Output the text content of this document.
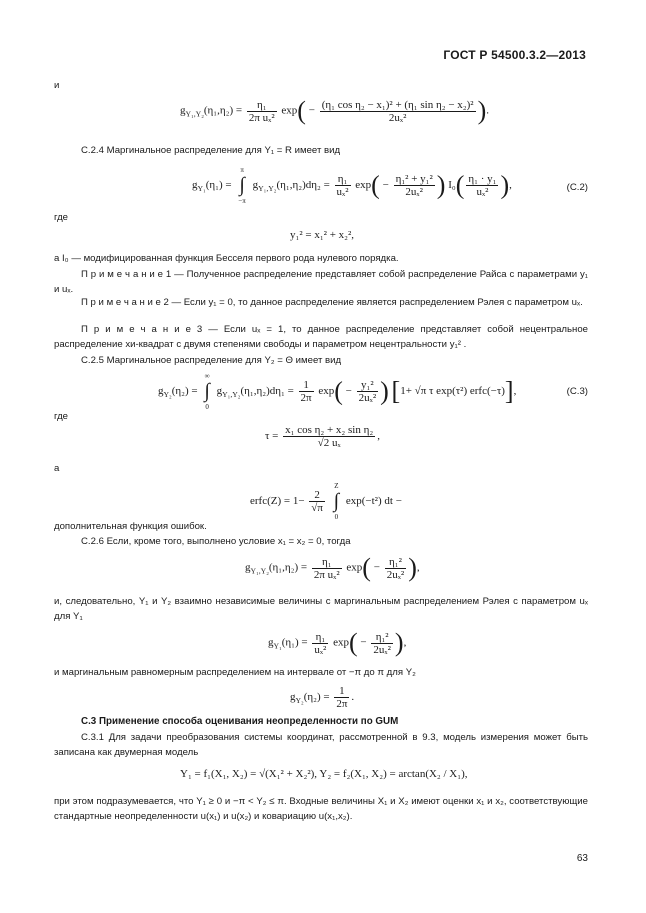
ГОСТ Р 54500.3.2—2013
и
$g_{Y_1,Y_2}(\eta_1,\eta_2) = \frac{\text{η₁}}{\text{2π uₓ²}} \exp( - \frac{\text{(η₁ cos η₂ − x₁)² + (η₁ sin η₂ − x₂)²}}{\text{2uₓ²}}$ ).
С.2.4 Маргинальное распределение для Y₁ = R имеет вид
$g_{Y_1}(\eta_1)$ =
π
∫
−π
$g_{Y_1,Y_2}(\eta_1,\eta_2)d\eta_2 = \frac{\text{η₁}}{\text{uₓ²}} \exp( - \frac{\text{η₁² + y₁²}}{\text{2uₓ²}}$ ) $I_0( \frac{\text{η₁ · y₁}}{\text{uₓ²}}$ ),	(С.2)
где
y₁² = x₁² + x₂²,
а I₀ — модифицированная функция Бесселя первого рода нулевого порядка.
П р и м е ч а н и е 1 — Полученное распределение представляет собой распределение Райса с параметрами y₁ и uₓ.
П р и м е ч а н и е 2 — Если y₁ = 0, то данное распределение является распределением Рэлея с параметром uₓ.
П р и м е ч а н и е 3 — Если uₓ = 1, то данное распределение представляет собой нецентральное распределение хи-квадрат с двумя степенями свободы и параметром нецентральности y₁² .
С.2.5 Маргинальное распределение для Y₂ = Θ имеет вид
$g_{Y_2}(\eta_2)$ =
∞
∫
0
$g_{Y_1,Y_2}(\eta_1,\eta_2)d\eta_1 = \frac{1}{2\pi} \exp( - \frac{\text{y₁²}}{\text{2uₓ²}}$ ) [1+ √π τ exp(τ²) erfc(−τ)],	(С.3)
где
$\tau = \frac{\text{x₁ cos η₂ + x₂ sin η₂}}{\text{√2 uₓ}}$ ,
а
erfc(Z) = $1- \frac{2}{√\pi}$

Z
∫
0
exp(−t²) dt −
дополнительная функция ошибок.
С.2.6 Если, кроме того, выполнено условие x₁ = x₂ = 0, тогда
$g_{Y_1,Y_2}(\eta_1,\eta_2) = \frac{\text{η₁}}{\text{2π uₓ²}} \exp( - \frac{\text{η₁²}}{\text{2uₓ²}}$ ),
и, следовательно, Y₁ и Y₂ взаимно независимые величины с маргинальным распределением Рэлея с параметром uₓ для Y₁
$g_{Y_1}(\eta_1) = \frac{\text{η₁}}{\text{uₓ²}} \exp( - \frac{\text{η₁²}}{\text{2uₓ²}}$ ),
и маргинальным равномерным распределением на интервале от −π до π для Y₂
$g_{Y_2}(\eta_2) = \frac{1}{2\pi}$ .
С.3 Применение способа оценивания неопределенности по GUM
С.3.1 Для задачи преобразования системы координат, рассмотренной в 9.3, модель измерения может быть записана как двумерная модель
Y₁ = f₁(X₁, X₂) = √(X₁² + X₂²), Y₂ = f₂(X₁, X₂) = arctan(X₂ / X₁),
при этом подразумевается, что Y₁ ≥ 0 и −π < Y₂ ≤ π. Входные величины X₁ и X₂ имеют оценки x₁ и x₂, соответствующие стандартные неопределенности u(x₁) и u(x₂) и ковариацию u(x₁,x₂).
63
